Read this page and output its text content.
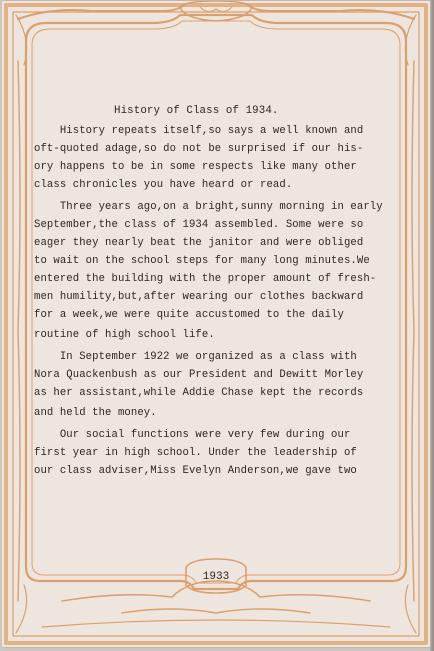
History of Class of 1934.
History repeats itself,so says a well known and
oft-quoted adage,so do not be surprised if our his-
ory happens to be in some respects like many other
class chronicles you have heard or read.
Three years ago,on a bright,sunny morning in early
September,the class of 1934 assembled. Some were so
eager they nearly beat the janitor and were obliged
to wait on the school steps for many long minutes.We
entered the building with the proper amount of fresh-
men humility,but,after wearing our clothes backward
for a week,we were quite accustomed to the daily
routine of high school life.
In September 1922 we organized as a class with
Nora Quackenbush as our President and Dewitt Morley
as her assistant,while Addie Chase kept the records
and held the money.
Our social functions were very few during our
first year in high school. Under the leadership of
our class adviser,Miss Evelyn Anderson,we gave two
1933
